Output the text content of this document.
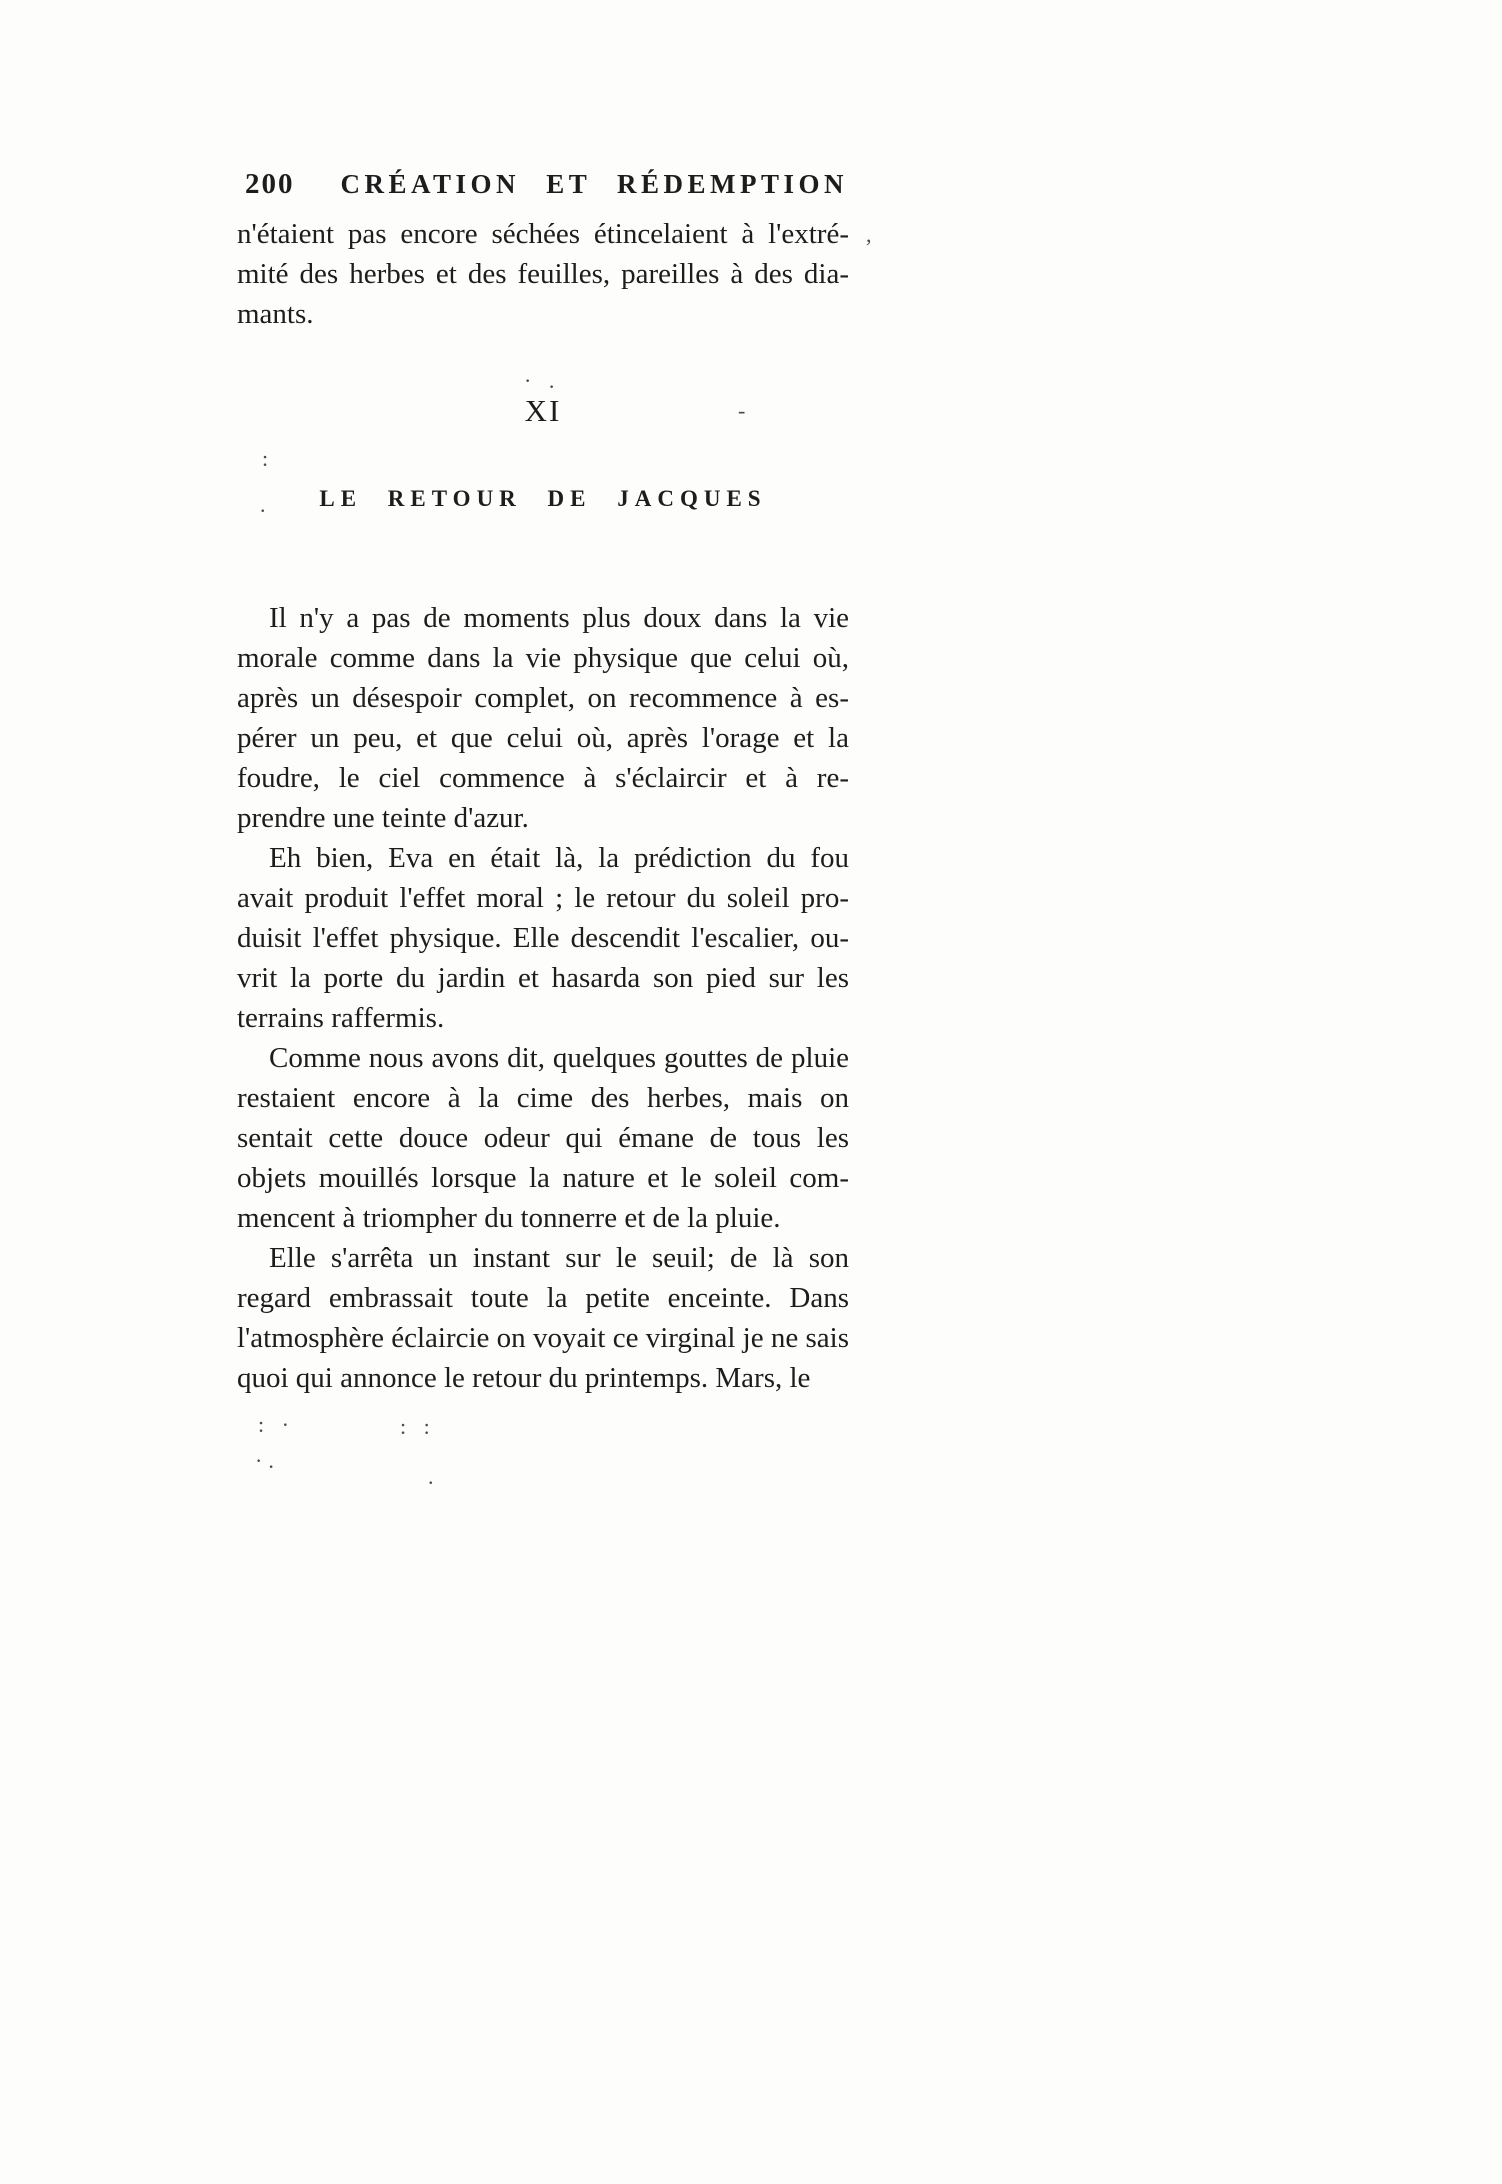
200 CRÉATION ET RÉDEMPTION
n'étaient pas encore séchées étincelaient à l'extré-
mité des herbes et des feuilles, pareilles à des dia-
mants.
XI
LE RETOUR DE JACQUES
Il n'y a pas de moments plus doux dans la vie
morale comme dans la vie physique que celui où,
après un désespoir complet, on recommence à es-
pérer un peu, et que celui où, après l'orage et la
foudre, le ciel commence à s'éclaircir et à re-
prendre une teinte d'azur.
Eh bien, Eva en était là, la prédiction du fou
avait produit l'effet moral ; le retour du soleil pro-
duisit l'effet physique. Elle descendit l'escalier, ou-
vrit la porte du jardin et hasarda son pied sur les
terrains raffermis.
Comme nous avons dit, quelques gouttes de pluie
restaient encore à la cime des herbes, mais on
sentait cette douce odeur qui émane de tous les
objets mouillés lorsque la nature et le soleil com-
mencent à triompher du tonnerre et de la pluie.
Elle s'arrêta un instant sur le seuil; de là son
regard embrassait toute la petite enceinte. Dans
l'atmosphère éclaircie on voyait ce virginal je ne sais
quoi qui annonce le retour du printemps. Mars, le
,
· .
-
:
.
: ·
·.
: :
.
